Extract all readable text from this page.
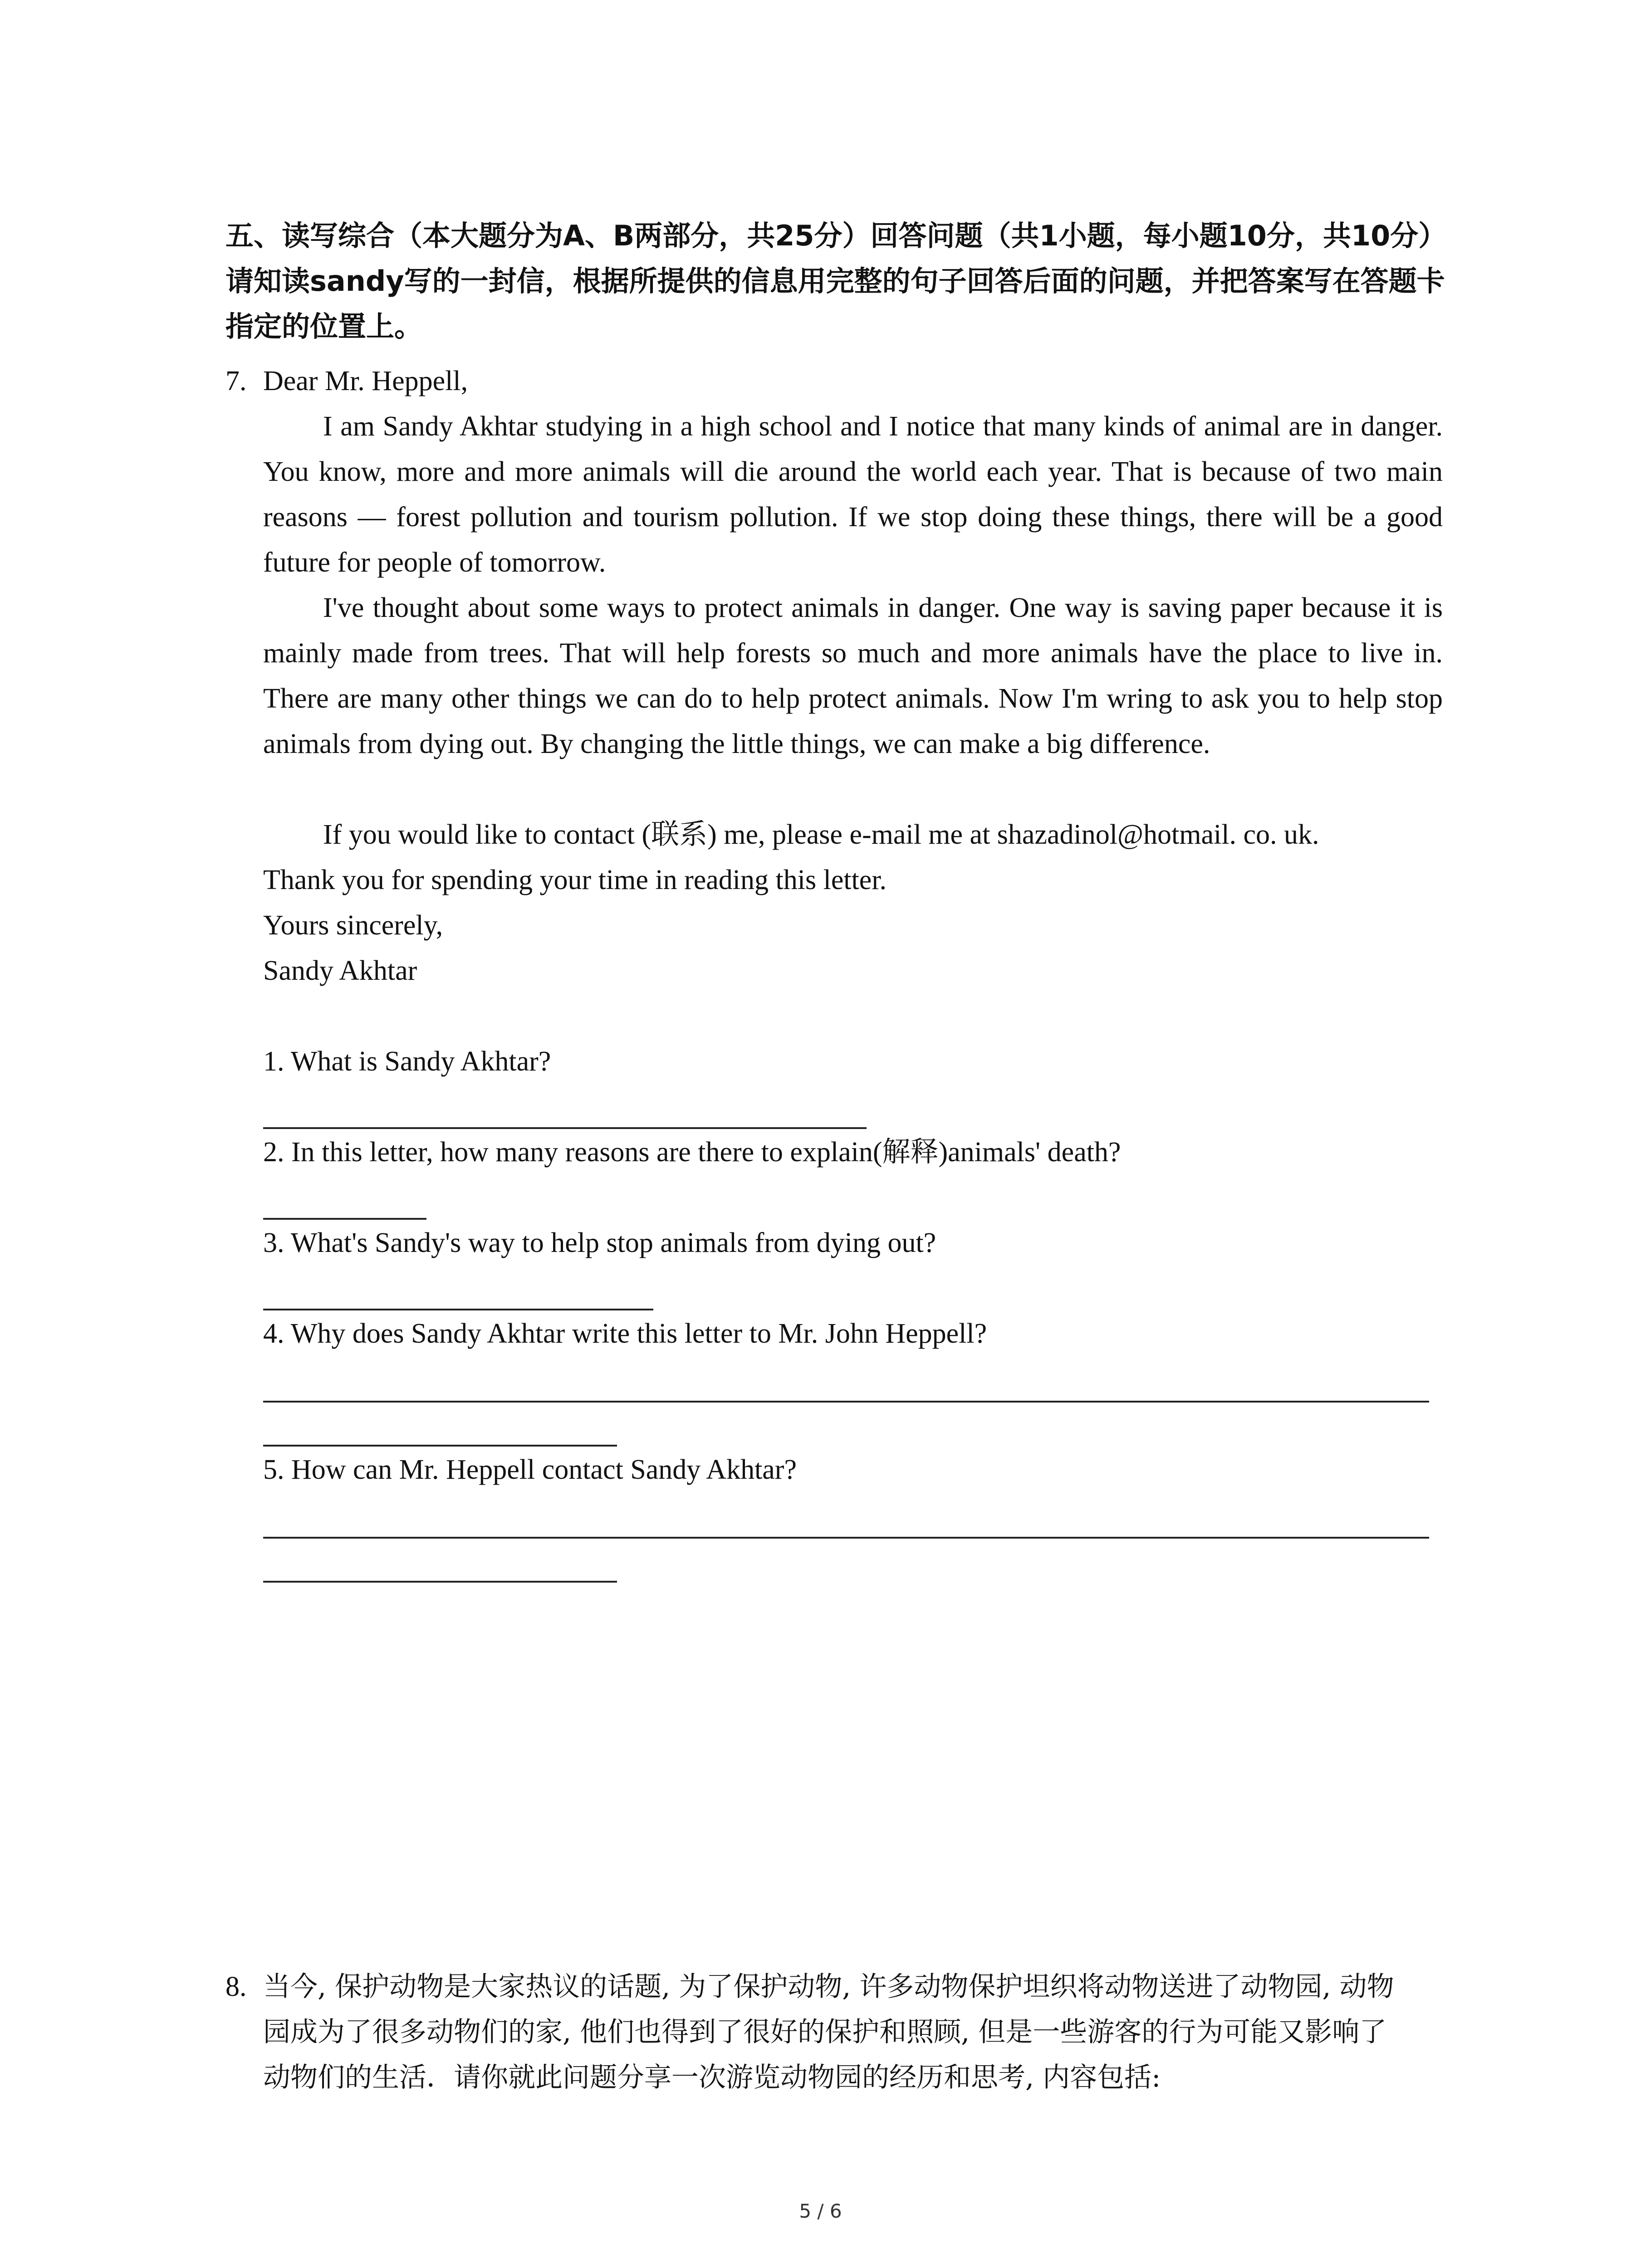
五、读写综合（本大题分为A、B两部分，共25分）回答问题（共1小题，每小题10分，共10分）请知读sandy写的一封信，根据所提供的信息用完整的句子回答后面的问题，并把答案写在答题卡指定的位置上。
7. Dear Mr. Heppell,
I am Sandy Akhtar studying in a high school and I notice that many kinds of animal are in danger. You know, more and more animals will die around the world each year. That is because of two main reasons — forest pollution and tourism pollution. If we stop doing these things, there will be a good future for people of tomorrow.
I've thought about some ways to protect animals in danger. One way is saving paper because it is mainly made from trees. That will help forests so much and more animals have the place to live in. There are many other things we can do to help protect animals. Now I'm wring to ask you to help stop animals from dying out. By changing the little things, we can make a big difference.
If you would like to contact (联系) me, please e-mail me at shazadinol@hotmail. co. uk.
Thank you for spending your time in reading this letter.
Yours sincerely,
Sandy Akhtar
1. What is Sandy Akhtar?
2. In this letter, how many reasons are there to explain(解释)animals' death?
3. What's Sandy's way to help stop animals from dying out?
4. Why does Sandy Akhtar write this letter to Mr. John Heppell?
5. How can Mr. Heppell contact Sandy Akhtar?
8. 当今, 保护动物是大家热议的话题, 为了保护动物, 许多动物保护坦织将动物送进了动物园, 动物园成为了很多动物们的家, 他们也得到了很好的保护和照顾, 但是一些游客的行为可能又影响了动物们的生活．请你就此问题分享一次游览动物园的经历和思考, 内容包括:
5 / 6
